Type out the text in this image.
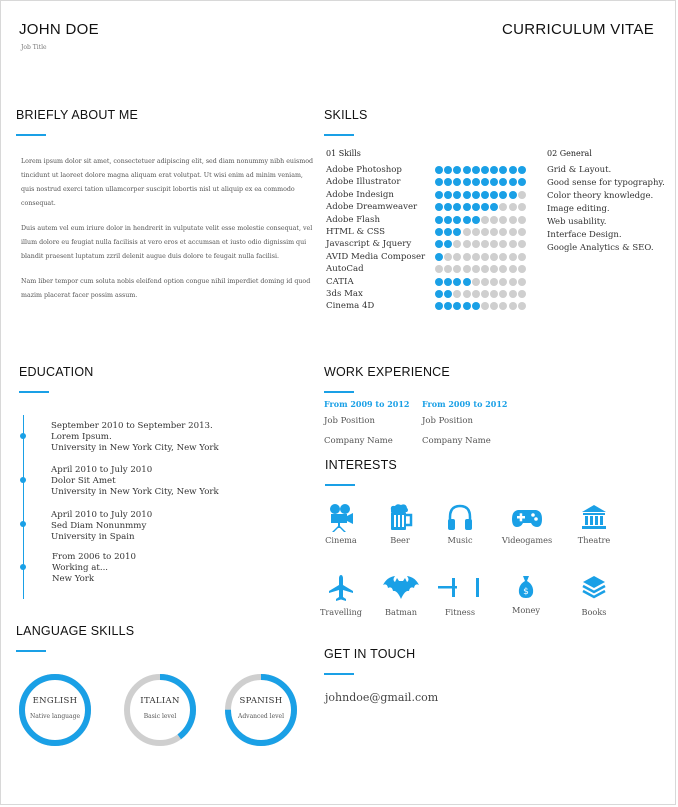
JOHN DOE
Job Title
CURRICULUM VITAE
BRIEFLY ABOUT ME

Lorem ipsum dolor sit amet, consectetuer adipiscing elit, sed diam nonummy nibh euismod tincidunt ut laoreet dolore magna aliquam erat volutpat. Ut wisi enim ad minim veniam, quis nostrud exerci tation ullamcorper suscipit lobortis nisl ut aliquip ex ea commodo consequat.

Duis autem vel eum iriure dolor in hendrerit in vulputate velit esse molestie consequat, vel illum dolore eu feugiat nulla facilisis at vero eros et accumsan et iusto odio dignissim qui blandit praesent luptatum zzril delenit augue duis dolore te feugait nulla facilisi.

Nam liber tempor cum soluta nobis eleifend option congue nihil imperdiet doming id quod mazim placerat facer possim assum.

SKILLS
01 Skills
Adobe Photoshop
Adobe Illustrator
Adobe Indesign
Adobe Dreamweaver
Adobe Flash
HTML & CSS
Javascript & Jquery
AVID Media Composer
AutoCad
CATIA
3ds Max
Cinema 4D
02 General
Grid & Layout.
Good sense for typography.
Color theory knowledge.
Image editing.
Web usability.
Interface Design.
Google Analytics & SEO.
EDUCATION
September 2010 to September 2013.
Lorem Ipsum.
University in New York City, New York
April 2010 to July 2010
Dolor Sit Amet
University in New York City, New York
April 2010 to July 2010
Sed Diam Nonunmmy
University in Spain
From 2006 to 2010
Working at...
New York
WORK EXPERIENCE
From 2009 to 2012
Job Position
Company Name
From 2009 to 2012
Job Position
Company Name
INTERESTS
Cinema	Beer	Music	Videogames	Theatre
Travelling	Batman	Fitness
$
Money	Books
LANGUAGE SKILLS
ENGLISH
Native language
ITALIAN
Basic level
SPANISH
Advanced level
GET IN TOUCH
johndoe@gmail.com
